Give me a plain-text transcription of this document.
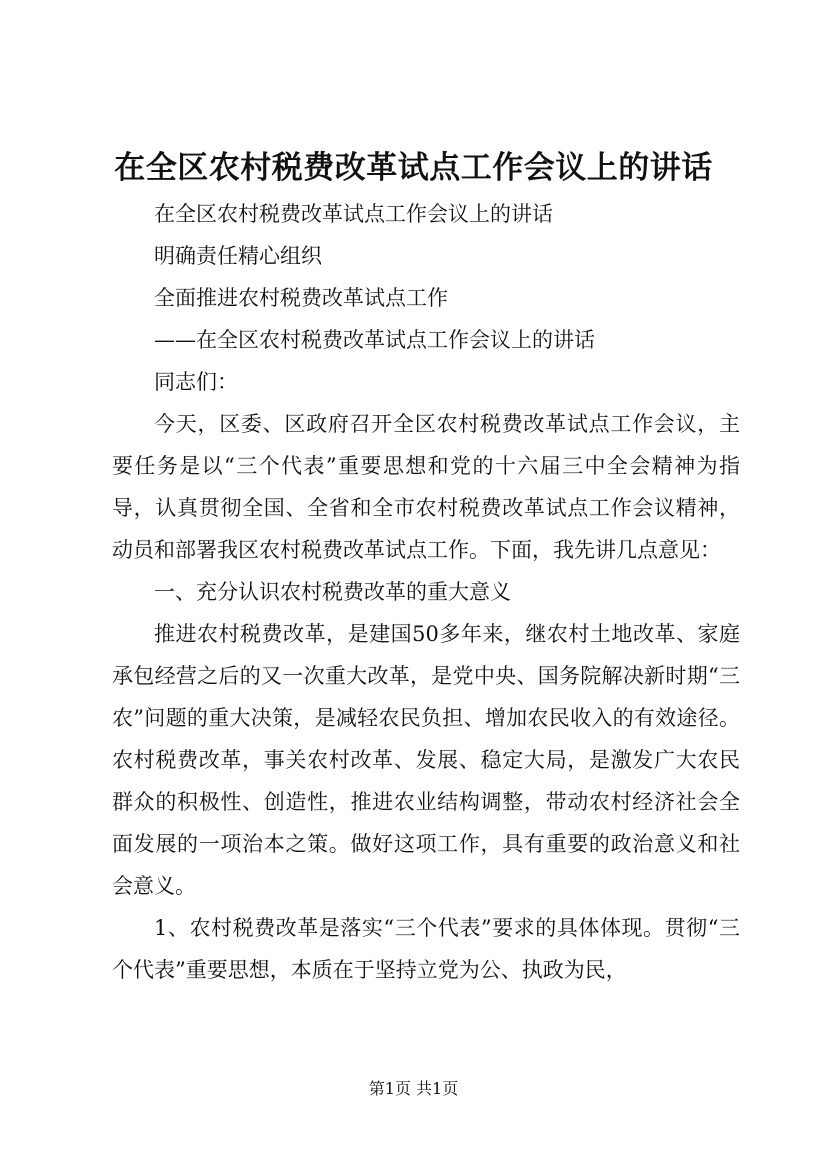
在全区农村税费改革试点工作会议上的讲话

在全区农村税费改革试点工作会议上的讲话

明确责任精心组织

全面推进农村税费改革试点工作

——在全区农村税费改革试点工作会议上的讲话

同志们：

今天，区委、区政府召开全区农村税费改革试点工作会议，主要任务是以“三个代表”重要思想和党的十六届三中全会精神为指导，认真贯彻全国、全省和全市农村税费改革试点工作会议精神，动员和部署我区农村税费改革试点工作。下面，我先讲几点意见：

一、充分认识农村税费改革的重大意义

推进农村税费改革，是建国50多年来，继农村土地改革、家庭承包经营之后的又一次重大改革，是党中央、国务院解决新时期“三农”问题的重大决策，是减轻农民负担、增加农民收入的有效途径。农村税费改革，事关农村改革、发展、稳定大局，是激发广大农民群众的积极性、创造性，推进农业结构调整，带动农村经济社会全面发展的一项治本之策。做好这项工作，具有重要的政治意义和社会意义。

1、农村税费改革是落实“三个代表”要求的具体体现。贯彻“三个代表”重要思想，本质在于坚持立党为公、执政为民，

第1页 共1页
